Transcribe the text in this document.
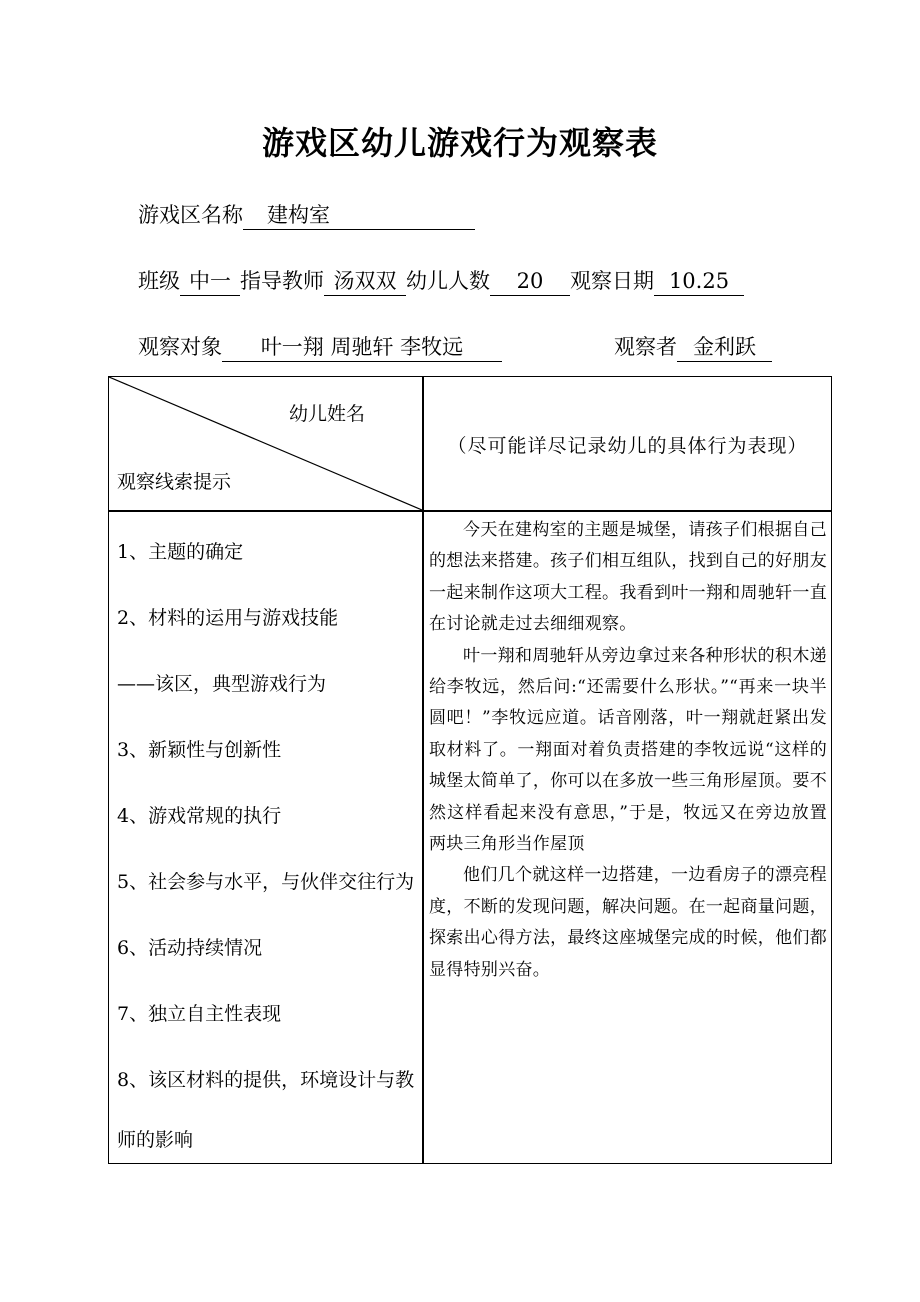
游戏区幼儿游戏行为观察表
游戏区名称 建构室
班级 中一 指导教师 汤双双 幼儿人数 20 观察日期 10.25
观察对象 叶一翔 周驰轩 李牧远	观察者 金利跃
幼儿姓名
观察线索提示
（尽可能详尽记录幼儿的具体行为表现）
1、主题的确定
2、材料的运用与游戏技能
——该区，典型游戏行为
3、新颖性与创新性
4、游戏常规的执行
5、社会参与水平，与伙伴交往行为
6、活动持续情况
7、独立自主性表现
8、该区材料的提供，环境设计与教
师的影响

今天在建构室的主题是城堡，请孩子们根据自己的想法来搭建。孩子们相互组队，找到自己的好朋友一起来制作这项大工程。我看到叶一翔和周驰轩一直在讨论就走过去细细观察。

叶一翔和周驰轩从旁边拿过来各种形状的积木递给李牧远，然后问:“还需要什么形状。”“再来一块半圆吧！”李牧远应道。话音刚落，叶一翔就赶紧出发取材料了。一翔面对着负责搭建的李牧远说“这样的城堡太简单了，你可以在多放一些三角形屋顶。要不然这样看起来没有意思，”于是，牧远又在旁边放置两块三角形当作屋顶

他们几个就这样一边搭建，一边看房子的漂亮程度，不断的发现问题，解决问题。在一起商量问题，探索出心得方法，最终这座城堡完成的时候，他们都显得特别兴奋。
